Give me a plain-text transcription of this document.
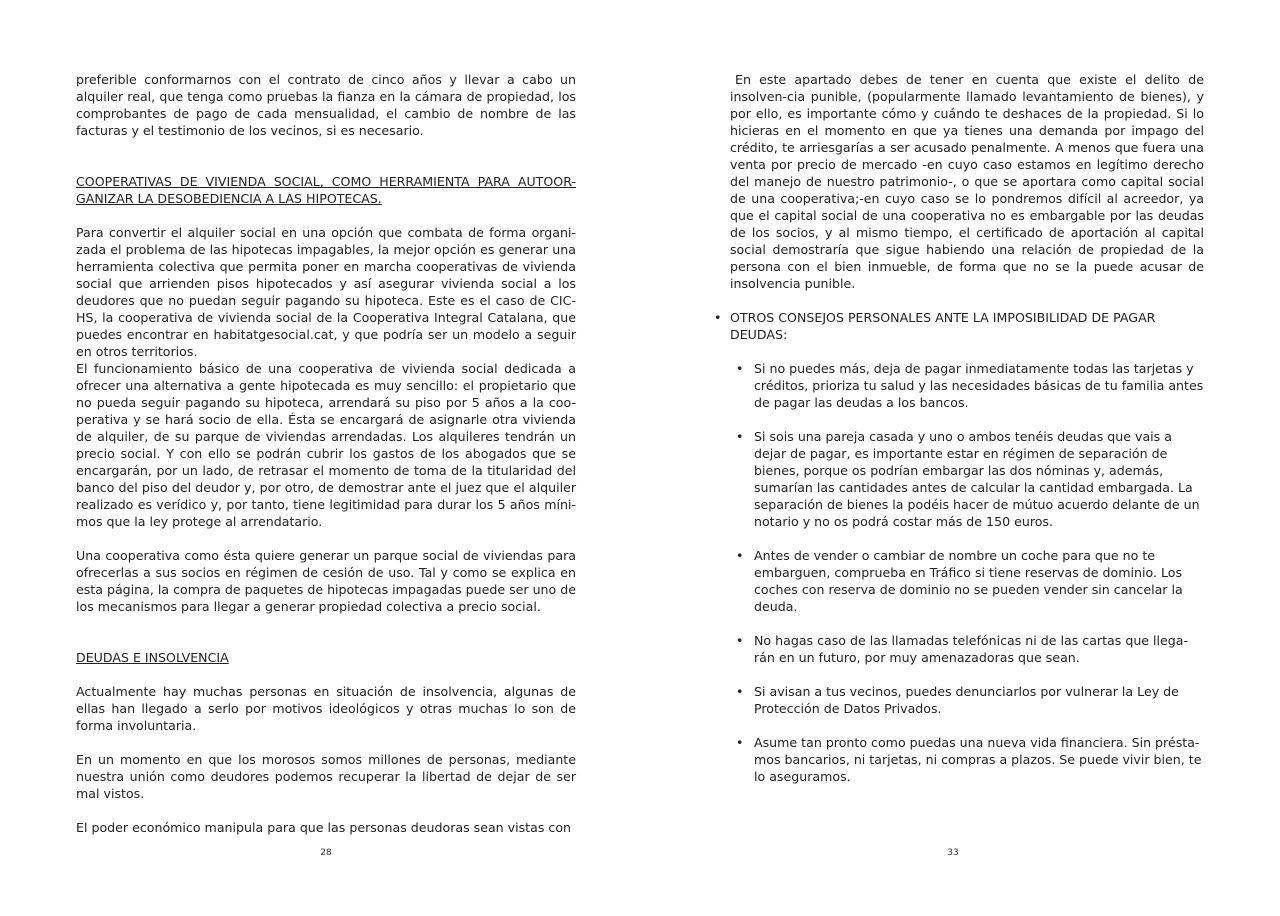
preferible conformarnos con el contrato de cinco años y llevar a cabo un alquiler real, que tenga como pruebas la fianza en la cámara de propiedad, los comprobantes de pago de cada mensualidad, el cambio de nombre de las facturas y el testimonio de los vecinos, si es necesario.

COOPERATIVAS DE VIVIENDA SOCIAL, COMO HERRAMIENTA PARA AUTOOR-GANIZAR LA DESOBEDIENCIA A LAS HIPOTECAS.

Para convertir el alquiler social en una opción que combata de forma organi-zada el problema de las hipotecas impagables, la mejor opción es generar una herramienta colectiva que permita poner en marcha cooperativas de vivienda social que arrienden pisos hipotecados y así asegurar vivienda social a los deudores que no puedan seguir pagando su hipoteca. Este es el caso de CIC-HS, la cooperativa de vivienda social de la Cooperativa Integral Catalana, que puedes encontrar en habitatgesocial.cat, y que podría ser un modelo a seguir en otros territorios.

El funcionamiento básico de una cooperativa de vivienda social dedicada a ofrecer una alternativa a gente hipotecada es muy sencillo: el propietario que no pueda seguir pagando su hipoteca, arrendará su piso por 5 años a la coo-perativa y se hará socio de ella. Ésta se encargará de asignarle otra vivienda de alquiler, de su parque de viviendas arrendadas. Los alquileres tendrán un precio social. Y con ello se podrán cubrir los gastos de los abogados que se encargarán, por un lado, de retrasar el momento de toma de la titularidad del banco del piso del deudor y, por otro, de demostrar ante el juez que el alquiler realizado es verídico y, por tanto, tiene legitimidad para durar los 5 años míni-mos que la ley protege al arrendatario.

Una cooperativa como ésta quiere generar un parque social de viviendas para ofrecerlas a sus socios en régimen de cesión de uso. Tal y como se explica en esta página, la compra de paquetes de hipotecas impagadas puede ser uno de los mecanismos para llegar a generar propiedad colectiva a precio social.

DEUDAS E INSOLVENCIA

Actualmente hay muchas personas en situación de insolvencia, algunas de ellas han llegado a serlo por motivos ideológicos y otras muchas lo son de forma involuntaria.

En un momento en que los morosos somos millones de personas, mediante nuestra unión como deudores podemos recuperar la libertad de dejar de ser mal vistos.

El poder económico manipula para que las personas deudoras sean vistas con

28

En este apartado debes de tener en cuenta que existe el delito de insolven-cia punible, (popularmente llamado levantamiento de bienes), y por ello, es importante cómo y cuándo te deshaces de la propiedad. Si lo hicieras en el momento en que ya tienes una demanda por impago del crédito, te arriesgarías a ser acusado penalmente. A menos que fuera una venta por precio de mercado -en cuyo caso estamos en legítimo derecho del manejo de nuestro patrimonio-, o que se aportara como capital social de una cooperativa;-en cuyo caso se lo pondremos difícil al acreedor, ya que el capital social de una cooperativa no es embargable por las deudas de los socios, y al mismo tiempo, el certificado de aportación al capital social demostraría que sigue habiendo una relación de propiedad de la persona con el bien inmueble, de forma que no se la puede acusar de insolvencia punible.

• OTROS CONSEJOS PERSONALES ANTE LA IMPOSIBILIDAD DE PAGAR DEUDAS:
• Si no puedes más, deja de pagar inmediatamente todas las tarjetas y créditos, prioriza tu salud y las necesidades básicas de tu familia antes de pagar las deudas a los bancos.
• Si sois una pareja casada y uno o ambos tenéis deudas que vais a dejar de pagar, es importante estar en régimen de separación de bienes, porque os podrían embargar las dos nóminas y, además, sumarían las cantidades antes de calcular la cantidad embargada. La separación de bienes la podéis hacer de mútuo acuerdo delante de un notario y no os podrá costar más de 150 euros.
• Antes de vender o cambiar de nombre un coche para que no te embarguen, comprueba en Tráfico si tiene reservas de dominio. Los coches con reserva de dominio no se pueden vender sin cancelar la deuda.
• No hagas caso de las llamadas telefónicas ni de las cartas que llega-rán en un futuro, por muy amenazadoras que sean.
• Si avisan a tus vecinos, puedes denunciarlos por vulnerar la Ley de Protección de Datos Privados.
• Asume tan pronto como puedas una nueva vida financiera. Sin présta-mos bancarios, ni tarjetas, ni compras a plazos. Se puede vivir bien, te lo aseguramos.
33
